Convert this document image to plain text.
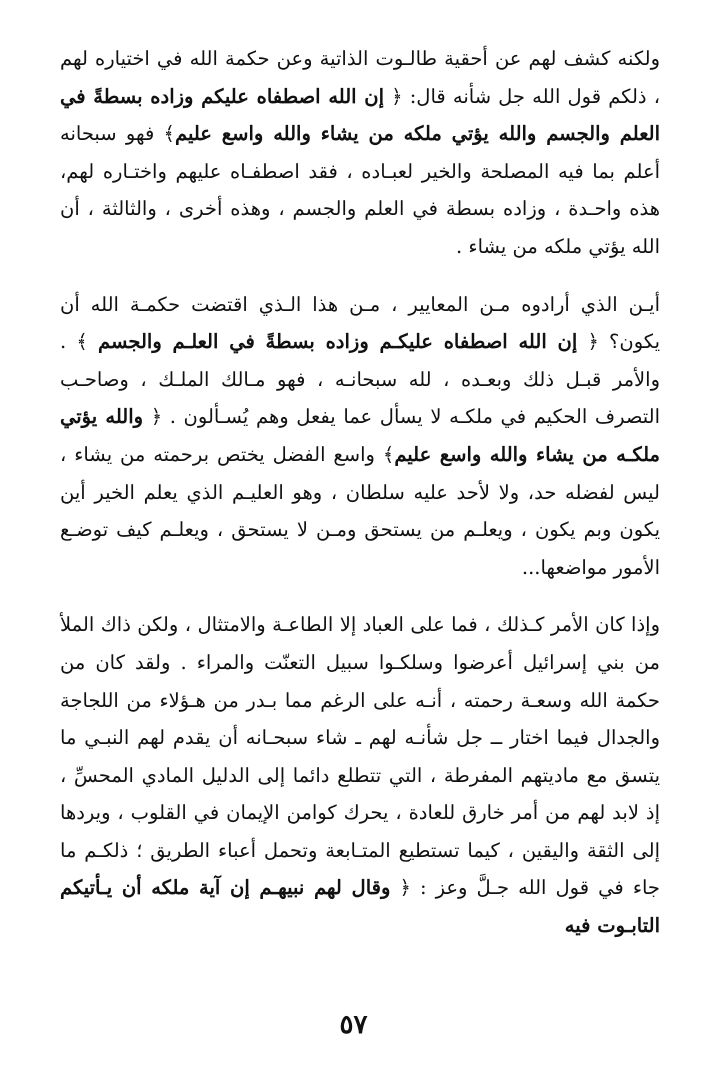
ولكنه كشف لهم عن أحقية طالـوت الذاتية وعن حكمة الله في اختياره لهم ، ذلكم قول الله جل شأنه قال: ﴿ إن الله اصطفاه عليكم وزاده بسطةً في العلم والجسم والله يؤتي ملكه من يشاء والله واسع عليم﴾ فهو سبحانه أعلم بما فيه المصلحة والخير لعبـاده ، فقد اصطفـاه عليهم واختـاره لهم، هذه واحـدة ، وزاده بسطة في العلم والجسم ، وهذه أخرى ، والثالثة ، أن الله يؤتي ملكه من يشاء .

أيـن الذي أرادوه مـن المعايير ، مـن هذا الـذي اقتضت حكمـة الله أن يكون؟ ﴿ إن الله اصطفاه عليكـم وزاده بسطةً في العلـم والجسم ﴾ . والأمر قبـل ذلك وبعـده ، لله سبحانـه ، فهو مـالك الملـك ، وصاحـب التصرف الحكيم في ملكـه لا يسأل عما يفعل وهم يُسـألون . ﴿ والله يؤتي ملكـه من يشاء والله واسع عليم﴾ واسع الفضل يختص برحمته من يشاء ، ليس لفضله حد، ولا لأحد عليه سلطان ، وهو العليـم الذي يعلم الخير أين يكون وبم يكون ، ويعلـم من يستحق ومـن لا يستحق ، ويعلـم كيف توضـع الأمور مواضعها...

وإذا كان الأمر كـذلك ، فما على العباد إلا الطاعـة والامتثال ، ولكن ذاك الملأ من بني إسرائيل أعرضوا وسلكـوا سبيل التعنّت والمراء . ولقد كان من حكمة الله وسعـة رحمته ، أنـه على الرغم مما بـدر من هـؤلاء من اللجاجة والجدال فيما اختار ــ جل شأنـه لهم ـ شاء سبحـانه أن يقدم لهم النبـي ما يتسق مع ماديتهم المفرطة ، التي تتطلع دائما إلى الدليل المادي المحسِّ ، إذ لابد لهم من أمر خارق للعادة ، يحرك كوامن الإيمان في القلوب ، ويردها إلى الثقة واليقين ، كيما تستطيع المتـابعة وتحمل أعباء الطريق ؛ ذلكـم ما جاء في قول الله جـلَّ وعز : ﴿ وقال لهم نبيهـم إن آية ملكه أن يـأتيكم التابـوت فيه

٥٧
